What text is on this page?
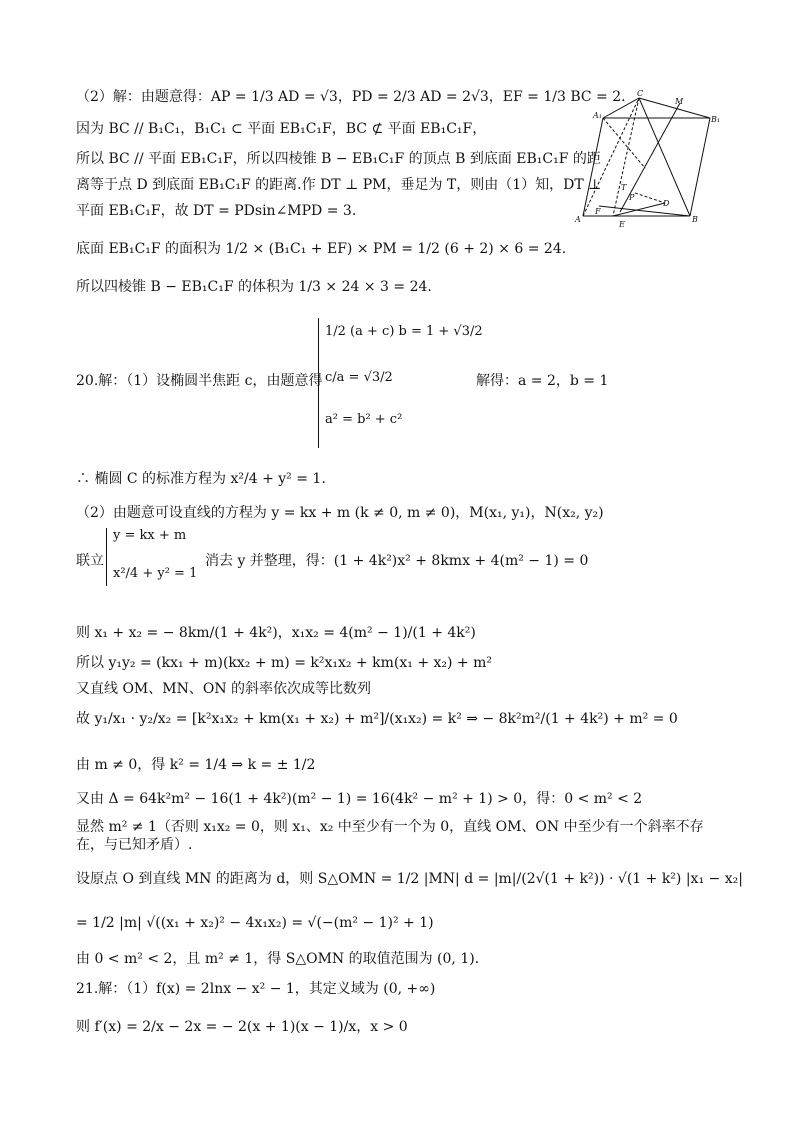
（2）解：由题意得：AP = 1/3 AD = √3，PD = 2/3 AD = 2√3，EF = 1/3 BC = 2.
因为 BC // B₁C₁，B₁C₁ ⊂ 平面 EB₁C₁F，BC ⊄ 平面 EB₁C₁F，
所以 BC // 平面 EB₁C₁F，所以四棱锥 B − EB₁C₁F 的顶点 B 到底面 EB₁C₁F 的距
离等于点 D 到底面 EB₁C₁F 的距离.作 DT ⊥ PM，垂足为 T，则由（1）知，DT ⊥
平面 EB₁C₁F，故 DT = PDsin∠MPD = 3.
底面 EB₁C₁F 的面积为 1/2 × (B₁C₁ + EF) × PM = 1/2 (6 + 2) × 6 = 24.
所以四棱锥 B − EB₁C₁F 的体积为 1/3 × 24 × 3 = 24.
C
M
A₁	B₁
T
P
D
A
F
E
B
20.解：（1）设椭圆半焦距 c，由题意得
1/2 (a + c) b = 1 + √3/2
c/a = √3/2
a² = b² + c²
解得：a = 2，b = 1
∴ 椭圆 C 的标准方程为 x²/4 + y² = 1.
（2）由题意可设直线的方程为 y = kx + m (k ≠ 0, m ≠ 0)，M(x₁, y₁)，N(x₂, y₂)
联立
y = kx + m
x²/4 + y² = 1
消去 y 并整理，得：(1 + 4k²)x² + 8kmx + 4(m² − 1) = 0
则 x₁ + x₂ = − 8km/(1 + 4k²)，x₁x₂ = 4(m² − 1)/(1 + 4k²)
所以 y₁y₂ = (kx₁ + m)(kx₂ + m) = k²x₁x₂ + km(x₁ + x₂) + m²
又直线 OM、MN、ON 的斜率依次成等比数列
故 y₁/x₁ · y₂/x₂ = [k²x₁x₂ + km(x₁ + x₂) + m²]/(x₁x₂) = k² ⇒ − 8k²m²/(1 + 4k²) + m² = 0
由 m ≠ 0，得 k² = 1/4 ⇒ k = ± 1/2
又由 Δ = 64k²m² − 16(1 + 4k²)(m² − 1) = 16(4k² − m² + 1) > 0，得：0 < m² < 2
显然 m² ≠ 1（否则 x₁x₂ = 0，则 x₁、x₂ 中至少有一个为 0，直线 OM、ON 中至少有一个斜率不存在，与已知矛盾）.
设原点 O 到直线 MN 的距离为 d，则 S△OMN = 1/2 |MN| d = |m|/(2√(1 + k²)) · √(1 + k²) |x₁ − x₂|
= 1/2 |m| √((x₁ + x₂)² − 4x₁x₂) = √(−(m² − 1)² + 1)
由 0 < m² < 2，且 m² ≠ 1，得 S△OMN 的取值范围为 (0, 1).
21.解：（1）f(x) = 2lnx − x² − 1，其定义域为 (0, +∞)
则 f′(x) = 2/x − 2x = − 2(x + 1)(x − 1)/x，x > 0
